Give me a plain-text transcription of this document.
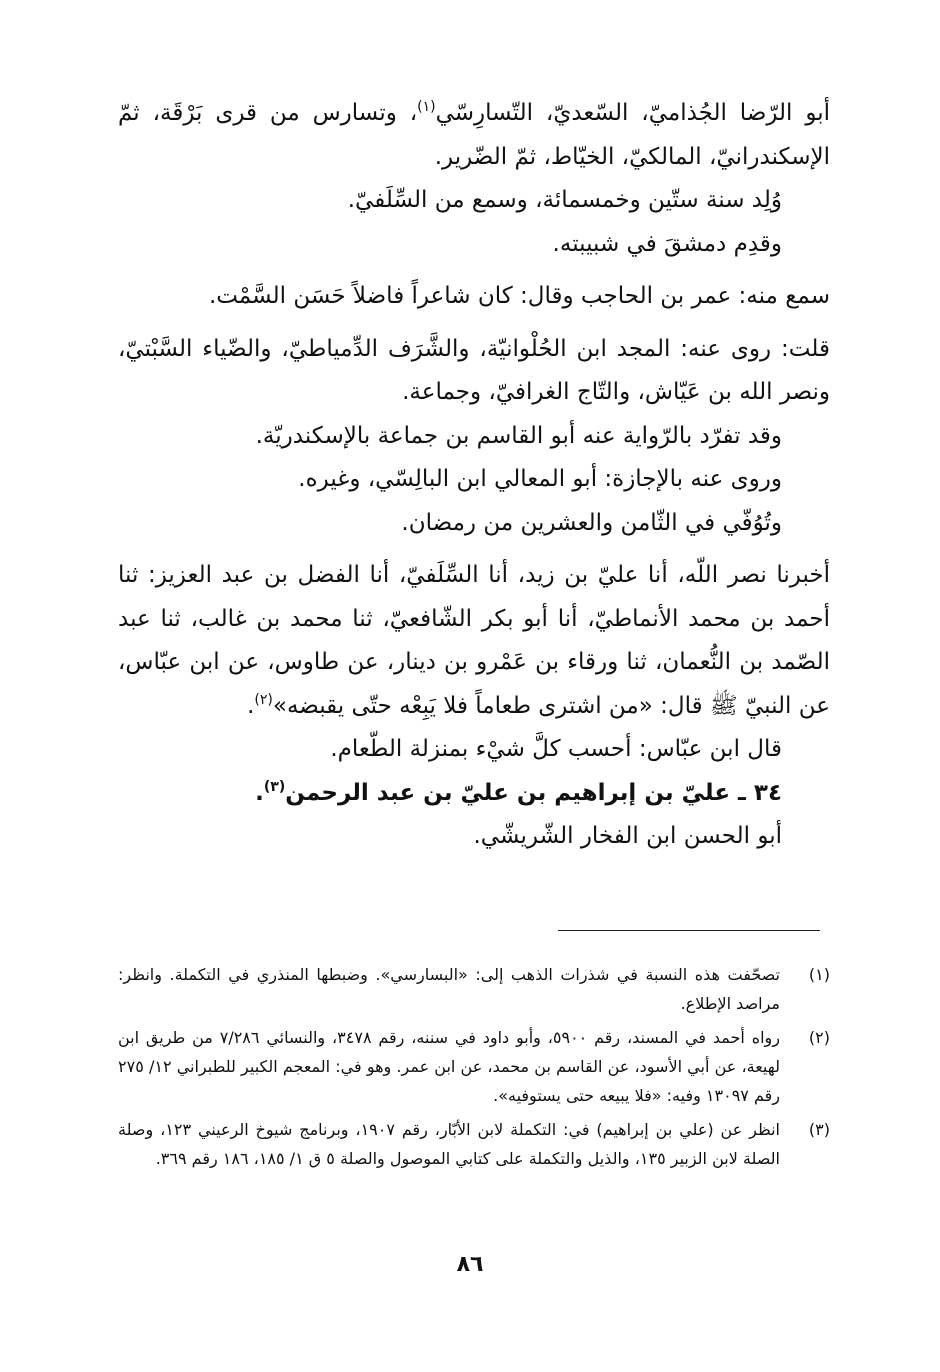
أبو الرّضا الجُذاميّ، السّعديّ، التّسارِسّي$^{(١)}$، وتسارس من قرى بَرْقَة، ثمّ الإسكندرانيّ، المالكيّ، الخيّاط، ثمّ الضّرير.

وُلِد سنة ستّين وخمسمائة، وسمع من السِّلَفيّ.

وقدِم دمشقَ في شبيبته.

سمع منه: عمر بن الحاجب وقال: كان شاعراً فاضلاً حَسَن السَّمْت.

قلت: روى عنه: المجد ابن الحُلْوانيّة، والشَّرَف الدِّمياطيّ، والضّياء السَّبْتيّ، ونصر الله بن عَيّاش، والتّاج الغرافيّ، وجماعة.

وقد تفرّد بالرّواية عنه أبو القاسم بن جماعة بالإسكندريّة.

وروى عنه بالإجازة: أبو المعالي ابن البالِسّي، وغيره.

وتُوُفّي في الثّامن والعشرين من رمضان.

أخبرنا نصر اللّه، أنا عليّ بن زيد، أنا السِّلَفيّ، أنا الفضل بن عبد العزيز: ثنا أحمد بن محمد الأنماطيّ، أنا أبو بكر الشّافعيّ، ثنا محمد بن غالب، ثنا عبد الصّمد بن النُّعمان، ثنا ورقاء بن عَمْرو بن دينار، عن طاوس، عن ابن عبّاس، عن النبيّ ﷺ قال: «من اشترى طعاماً فلا يَبِعْه حتّى يقبضه»$^{(٢)}$.

قال ابن عبّاس: أحسب كلَّ شيْء بمنزلة الطّعام.

٣٤ ـ عليّ بن إبراهيم بن عليّ بن عبد الرحمن$^{(٣)}$.

أبو الحسن ابن الفخار الشّريشّي.

(١)
تصحّفت هذه النسبة في شذرات الذهب إلى: «البسارسي». وضبطها المنذري في التكملة. وانظر: مراصد الإطلاع.
(٢)
رواه أحمد في المسند، رقم ٥٩٠٠، وأبو داود في سننه، رقم ٣٤٧٨، والنسائي ٧/٢٨٦ من طريق ابن لهيعة، عن أبي الأسود، عن القاسم بن محمد، عن ابن عمر. وهو في: المعجم الكبير للطبراني ١٢/ ٢٧٥ رقم ١٣٠٩٧ وفيه: «فلا يبيعه حتى يستوفيه».
(٣)
انظر عن (علي بن إبراهيم) في: التكملة لابن الأبّار، رقم ١٩٠٧، وبرنامج شيوخ الرعيني ١٢٣، وصلة الصلة لابن الزبير ١٣٥، والذيل والتكملة على كتابي الموصول والصلة ٥ ق ١/ ١٨٥، ١٨٦ رقم ٣٦٩.
٨٦
